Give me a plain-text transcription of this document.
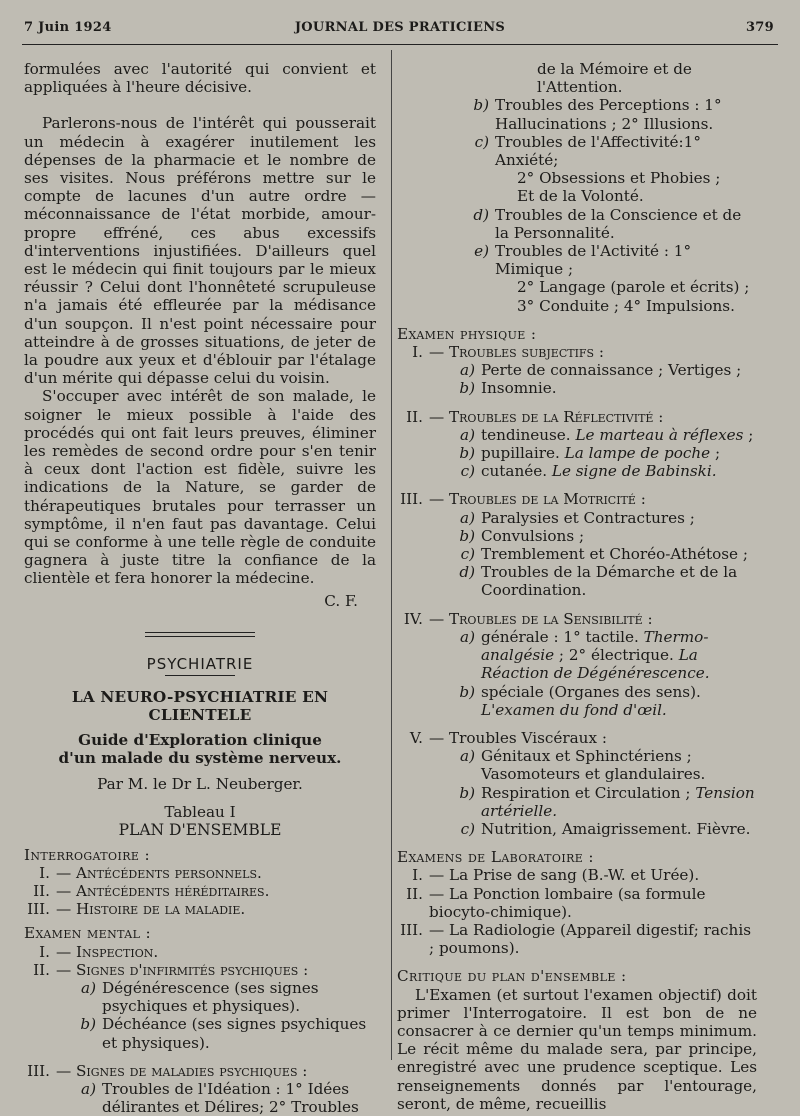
7 Juin 1924	JOURNAL DES PRATICIENS	379

formulées avec l'autorité qui convient et appliquées à l'heure décisive.

Parlerons-nous de l'intérêt qui pousserait un médecin à exagérer inutilement les dépenses de la pharmacie et le nombre de ses visites. Nous préférons mettre sur le compte de lacunes d'un autre ordre — méconnaissance de l'état morbide, amour-propre effréné, ces abus excessifs d'interventions injustifiées. D'ailleurs quel est le médecin qui finit toujours par le mieux réussir ? Celui dont l'honnêteté scrupuleuse n'a jamais été effleurée par la médisance d'un soupçon. Il n'est point nécessaire pour atteindre à de grosses situations, de jeter de la poudre aux yeux et d'éblouir par l'étalage d'un mérite qui dépasse celui du voisin.

S'occuper avec intérêt de son malade, le soigner le mieux possible à l'aide des procédés qui ont fait leurs preuves, éliminer les remèdes de second ordre pour s'en tenir à ceux dont l'action est fidèle, suivre les indications de la Nature, se garder de thérapeutiques brutales pour terrasser un symptôme, il n'en faut pas davantage. Celui qui se conforme à une telle règle de conduite gagnera à juste titre la confiance de la clientèle et fera honorer la médecine.

C. F.

PSYCHIATRIE
LA NEURO-PSYCHIATRIE EN CLIENTELE
Guide d'Exploration clinique
d'un malade du système nerveux.
Par M. le Dr L. Neuberger.
Tableau I
PLAN D'ENSEMBLE
Interrogatoire :
I. — Antécédents personnels.
II. — Antécédents héréditaires.
III. — Histoire de la maladie.
Examen mental :
I. — Inspection.
II. — Signes d'infirmités psychiques :
a) Dégénérescence (ses signes psychiques et physiques).
b) Déchéance (ses signes psychiques et physiques).
III. — Signes de maladies psychiques :
a) Troubles de l'Idéation : 1° Idées délirantes et Délires; 2° Troubles
de la Mémoire et de l'Attention.
b) Troubles des Perceptions : 1° Hallucinations ; 2° Illusions.
c) Troubles de l'Affectivité:1° Anxiété;
2° Obsessions et Phobies ;
Et de la Volonté.
d) Troubles de la Conscience et de la Personnalité.
e) Troubles de l'Activité : 1° Mimique ;
2° Langage (parole et écrits) ;
3° Conduite ; 4° Impulsions.
Examen physique :
I. — Troubles subjectifs :
a) Perte de connaissance ; Vertiges ;
b) Insomnie.
II. — Troubles de la Réflectivité :
a) tendineuse. Le marteau à réflexes ;
b) pupillaire. La lampe de poche ;
c) cutanée. Le signe de Babinski.
III. — Troubles de la Motricité :
a) Paralysies et Contractures ;
b) Convulsions ;
c) Tremblement et Choréo-Athétose ;
d) Troubles de la Démarche et de la Coordination.
IV. — Troubles de la Sensibilité :
a) générale : 1° tactile. Thermo-analgésie ; 2° électrique. La Réaction de Dégénérescence.
b) spéciale (Organes des sens). L'examen du fond d'œil.
V. — Troubles Viscéraux :
a) Génitaux et Sphinctériens ; Vasomoteurs et glandulaires.
b) Respiration et Circulation ; Tension artérielle.
c) Nutrition, Amaigrissement. Fièvre.
Examens de Laboratoire :
I. — La Prise de sang (B.-W. et Urée).
II. — La Ponction lombaire (sa formule biocyto-chimique).
III. — La Radiologie (Appareil digestif; rachis ; poumons).
Critique du plan d'ensemble :

L'Examen (et surtout l'examen objectif) doit primer l'Interrogatoire. Il est bon de ne consacrer à ce dernier qu'un temps minimum. Le récit même du malade sera, par principe, enregistré avec une prudence sceptique. Les renseignements donnés par l'entourage, seront, de même, recueillis
